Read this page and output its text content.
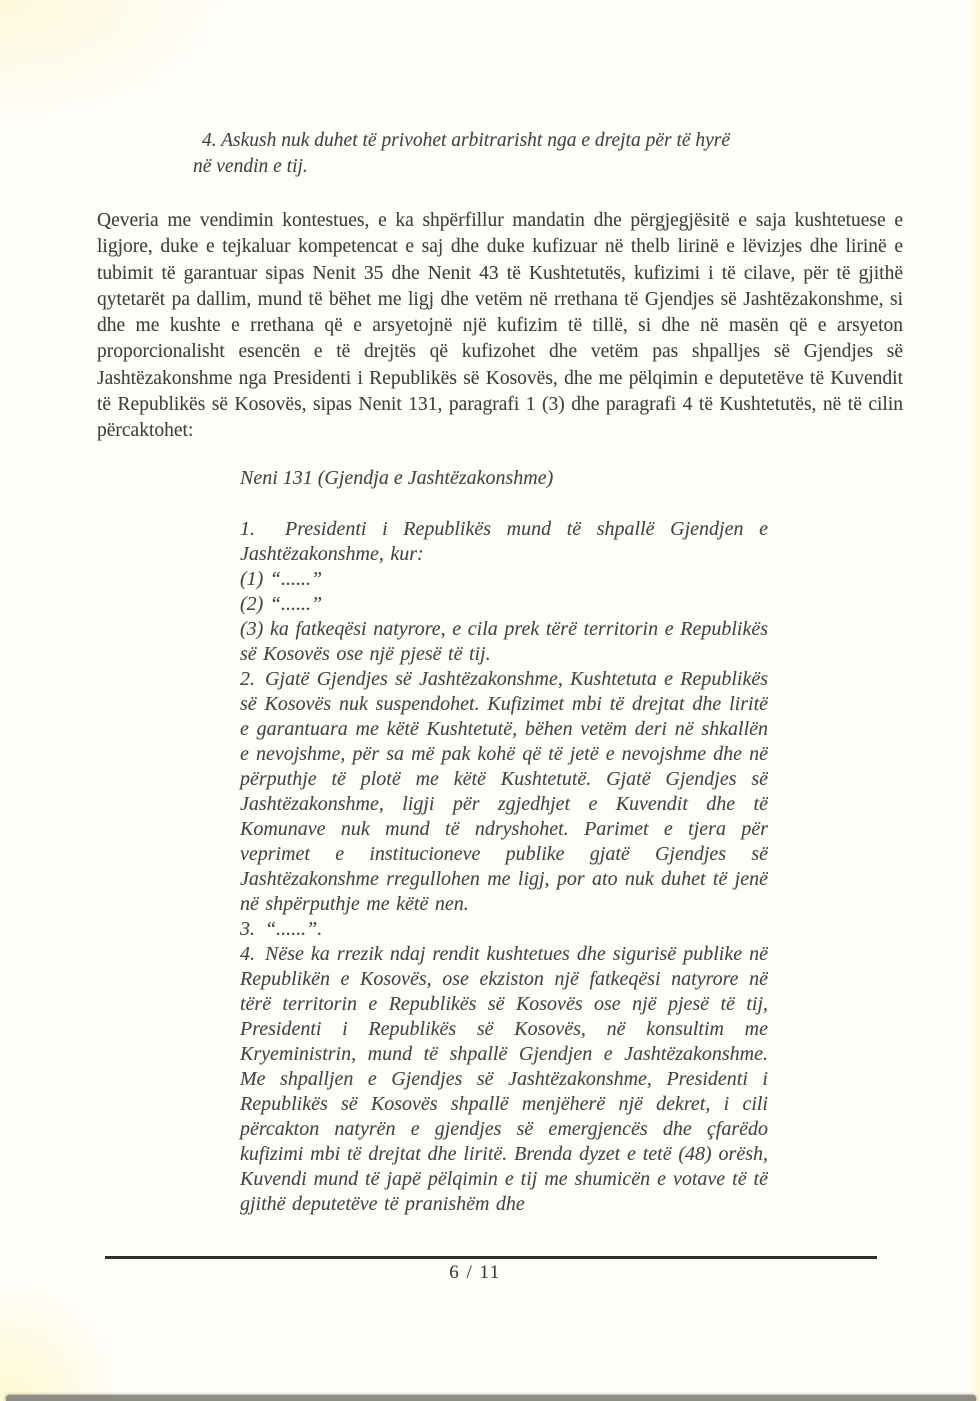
4. Askush nuk duhet të privohet arbitrarisht nga e drejta për të hyrë në vendin e tij.

Qeveria me vendimin kontestues, e ka shpërfillur mandatin dhe përgjegjësitë e saja kushtetuese e ligjore, duke e tejkaluar kompetencat e saj dhe duke kufizuar në thelb lirinë e lëvizjes dhe lirinë e tubimit të garantuar sipas Nenit 35 dhe Nenit 43 të Kushtetutës, kufizimi i të cilave, për të gjithë qytetarët pa dallim, mund të bëhet me ligj dhe vetëm në rrethana të Gjendjes së Jashtëzakonshme, si dhe me kushte e rrethana që e arsyetojnë një kufizim të tillë, si dhe në masën që e arsyeton proporcionalisht esencën e të drejtës që kufizohet dhe vetëm pas shpalljes së Gjendjes së Jashtëzakonshme nga Presidenti i Republikës së Kosovës, dhe me pëlqimin e deputetëve të Kuvendit të Republikës së Kosovës, sipas Nenit 131, paragrafi 1 (3) dhe paragrafi 4 të Kushtetutës, në të cilin përcaktohet:

Neni 131 (Gjendja e Jashtëzakonshme)

1.  Presidenti i Republikës mund të shpallë Gjendjen e Jashtëzakonshme, kur:

(1) “......”

(2) “......”

(3) ka fatkeqësi natyrore, e cila prek tërë territorin e Republikës së Kosovës ose një pjesë të tij.

2. Gjatë Gjendjes së Jashtëzakonshme, Kushtetuta e Republikës së Kosovës nuk suspendohet. Kufizimet mbi të drejtat dhe liritë e garantuara me këtë Kushtetutë, bëhen vetëm deri në shkallën e nevojshme, për sa më pak kohë që të jetë e nevojshme dhe në përputhje të plotë me këtë Kushtetutë. Gjatë Gjendjes së Jashtëzakonshme, ligji për zgjedhjet e Kuvendit dhe të Komunave nuk mund të ndryshohet. Parimet e tjera për veprimet e institucioneve publike gjatë Gjendjes së Jashtëzakonshme rregullohen me ligj, por ato nuk duhet të jenë në shpërputhje me këtë nen.

3. “......”.

4. Nëse ka rrezik ndaj rendit kushtetues dhe sigurisë publike në Republikën e Kosovës, ose ekziston një fatkeqësi natyrore në tërë territorin e Republikës së Kosovës ose një pjesë të tij, Presidenti i Republikës së Kosovës, në konsultim me Kryeministrin, mund të shpallë Gjendjen e Jashtëzakonshme. Me shpalljen e Gjendjes së Jashtëzakonshme, Presidenti i Republikës së Kosovës shpallë menjëherë një dekret, i cili përcakton natyrën e gjendjes së emergjencës dhe çfarëdo kufizimi mbi të drejtat dhe liritë. Brenda dyzet e tetë (48) orësh, Kuvendi mund të japë pëlqimin e tij me shumicën e votave të të gjithë deputetëve të pranishëm dhe

6 / 11
